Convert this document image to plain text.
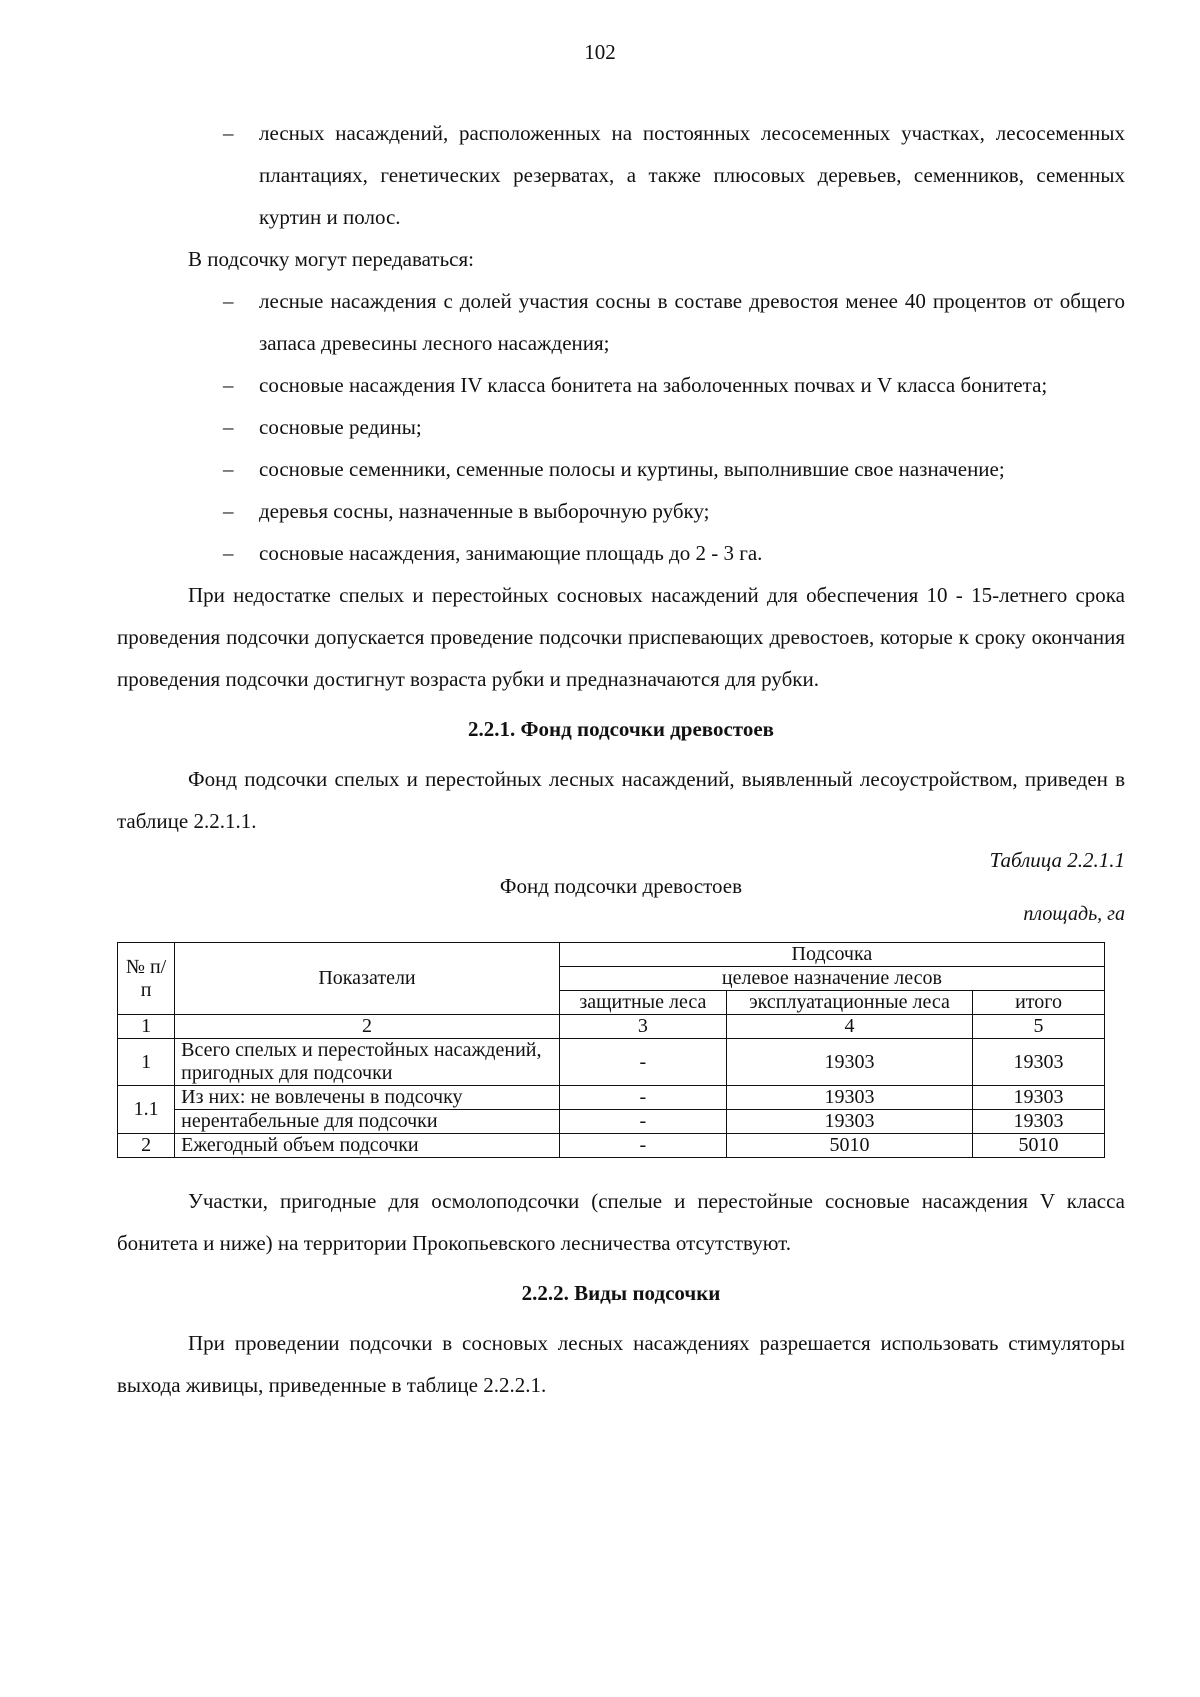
102
– лесных насаждений, расположенных на постоянных лесосеменных участках, лесосеменных плантациях, генетических резерватах, а также плюсовых деревьев, семенников, семенных куртин и полос.
В подсочку могут передаваться:
– лесные насаждения с долей участия сосны в составе древостоя менее 40 процентов от общего запаса древесины лесного насаждения;
– сосновые насаждения IV класса бонитета на заболоченных почвах и V класса бонитета;
– сосновые редины;
– сосновые семенники, семенные полосы и куртины, выполнившие свое назначение;
– деревья сосны, назначенные в выборочную рубку;
– сосновые насаждения, занимающие площадь до 2 - 3 га.

При недостатке спелых и перестойных сосновых насаждений для обеспечения 10 - 15-летнего срока проведения подсочки допускается проведение подсочки приспевающих древостоев, которые к сроку окончания проведения подсочки достигнут возраста рубки и предназначаются для рубки.

2.2.1. Фонд подсочки древостоев

Фонд подсочки спелых и перестойных лесных насаждений, выявленный лесоустройством, приведен в таблице 2.2.1.1.

Таблица 2.2.1.1
Фонд подсочки древостоев
площадь, га
№ п/п	Показатели	Подсочка		
		целевое назначение лесов		
		защитные леса	эксплуатационные леса	итого
1	2	3	4	5
1	Всего спелых и перестойных насаждений, пригодных для подсочки	-	19303	19303
1.1	Из них: не вовлечены в подсочку	-	19303	19303
	нерентабельные для подсочки	-	19303	19303
2	Ежегодный объем подсочки	-	5010	5010

Участки, пригодные для осмолоподсочки (спелые и перестойные сосновые насаждения V класса бонитета и ниже) на территории Прокопьевского лесничества отсутствуют.

2.2.2. Виды подсочки

При проведении подсочки в сосновых лесных насаждениях разрешается использовать стимуляторы выхода живицы, приведенные в таблице 2.2.2.1.
